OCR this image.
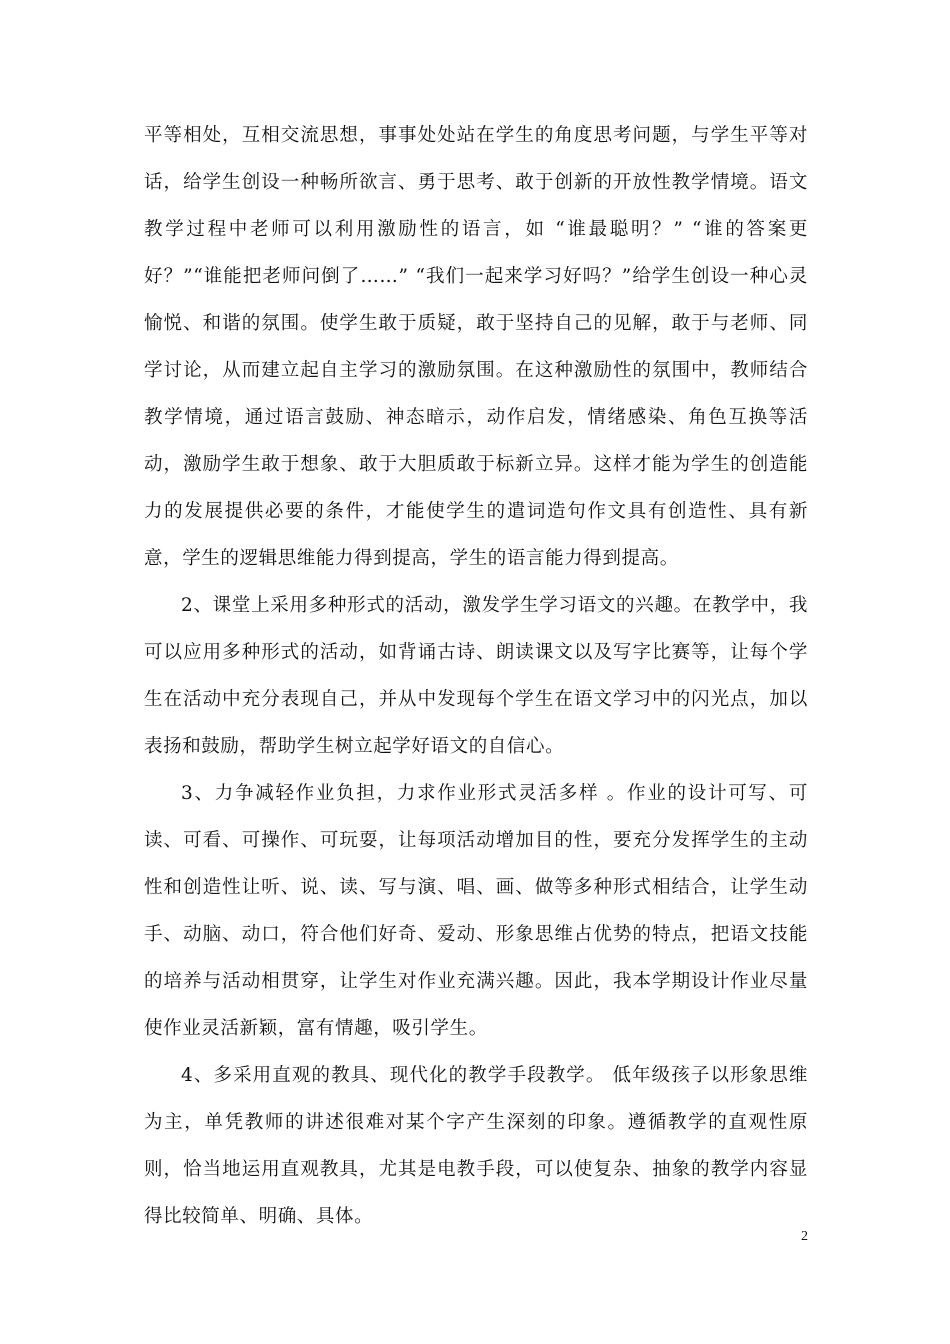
平等相处，互相交流思想，事事处处站在学生的角度思考问题，与学生平等对话，给学生创设一种畅所欲言、勇于思考、敢于创新的开放性教学情境。语文教学过程中老师可以利用激励性的语言，如 “谁最聪明？” “谁的答案更好？”“谁能把老师问倒了……” “我们一起来学习好吗？”给学生创设一种心灵愉悦、和谐的氛围。使学生敢于质疑，敢于坚持自己的见解，敢于与老师、同学讨论，从而建立起自主学习的激励氛围。在这种激励性的氛围中，教师结合教学情境，通过语言鼓励、神态暗示，动作启发，情绪感染、角色互换等活动，激励学生敢于想象、敢于大胆质敢于标新立异。这样才能为学生的创造能力的发展提供必要的条件，才能使学生的遣词造句作文具有创造性、具有新意，学生的逻辑思维能力得到提高，学生的语言能力得到提高。

2、课堂上采用多种形式的活动，激发学生学习语文的兴趣。在教学中，我可以应用多种形式的活动，如背诵古诗、朗读课文以及写字比赛等，让每个学生在活动中充分表现自己，并从中发现每个学生在语文学习中的闪光点，加以表扬和鼓励，帮助学生树立起学好语文的自信心。

3、力争减轻作业负担，力求作业形式灵活多样 。作业的设计可写、可读、可看、可操作、可玩耍，让每项活动增加目的性，要充分发挥学生的主动性和创造性让听、说、读、写与演、唱、画、做等多种形式相结合，让学生动手、动脑、动口，符合他们好奇、爱动、形象思维占优势的特点，把语文技能的培养与活动相贯穿，让学生对作业充满兴趣。因此，我本学期设计作业尽量使作业灵活新颖，富有情趣，吸引学生。

4、多采用直观的教具、现代化的教学手段教学。 低年级孩子以形象思维为主，单凭教师的讲述很难对某个字产生深刻的印象。遵循教学的直观性原则，恰当地运用直观教具，尤其是电教手段，可以使复杂、抽象的教学内容显得比较简单、明确、具体。

2
